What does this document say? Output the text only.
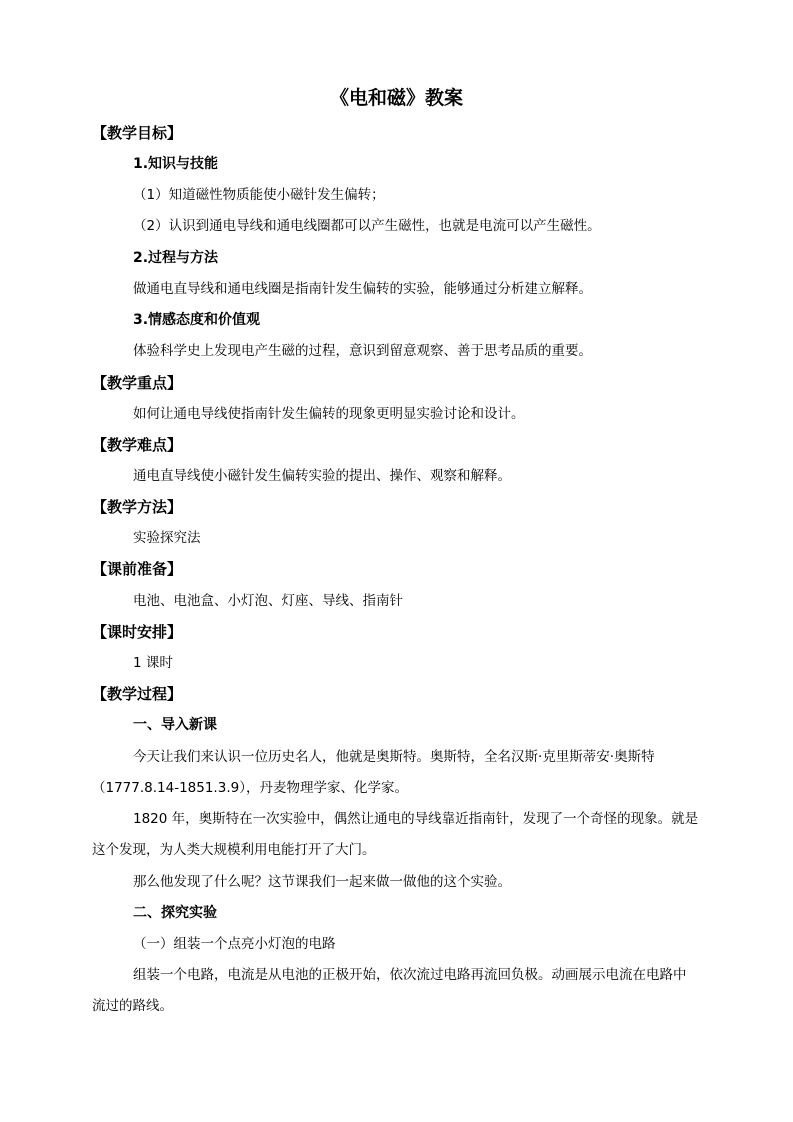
《电和磁》教案
【教学目标】
1.知识与技能
（1）知道磁性物质能使小磁针发生偏转；
（2）认识到通电导线和通电线圈都可以产生磁性，也就是电流可以产生磁性。
2.过程与方法
做通电直导线和通电线圈是指南针发生偏转的实验，能够通过分析建立解释。
3.情感态度和价值观
体验科学史上发现电产生磁的过程，意识到留意观察、善于思考品质的重要。
【教学重点】
如何让通电导线使指南针发生偏转的现象更明显实验讨论和设计。
【教学难点】
通电直导线使小磁针发生偏转实验的提出、操作、观察和解释。
【教学方法】
实验探究法
【课前准备】
电池、电池盒、小灯泡、灯座、导线、指南针
【课时安排】
1 课时
【教学过程】
一、导入新课
今天让我们来认识一位历史名人，他就是奥斯特。奥斯特，全名汉斯·克里斯蒂安·奥斯特
（1777.8.14-1851.3.9），丹麦物理学家、化学家。
1820 年，奥斯特在一次实验中，偶然让通电的导线靠近指南针，发现了一个奇怪的现象。就是
这个发现，为人类大规模利用电能打开了大门。
那么他发现了什么呢？这节课我们一起来做一做他的这个实验。
二、探究实验
（一）组装一个点亮小灯泡的电路
组装一个电路，电流是从电池的正极开始，依次流过电路再流回负极。动画展示电流在电路中
流过的路线。
